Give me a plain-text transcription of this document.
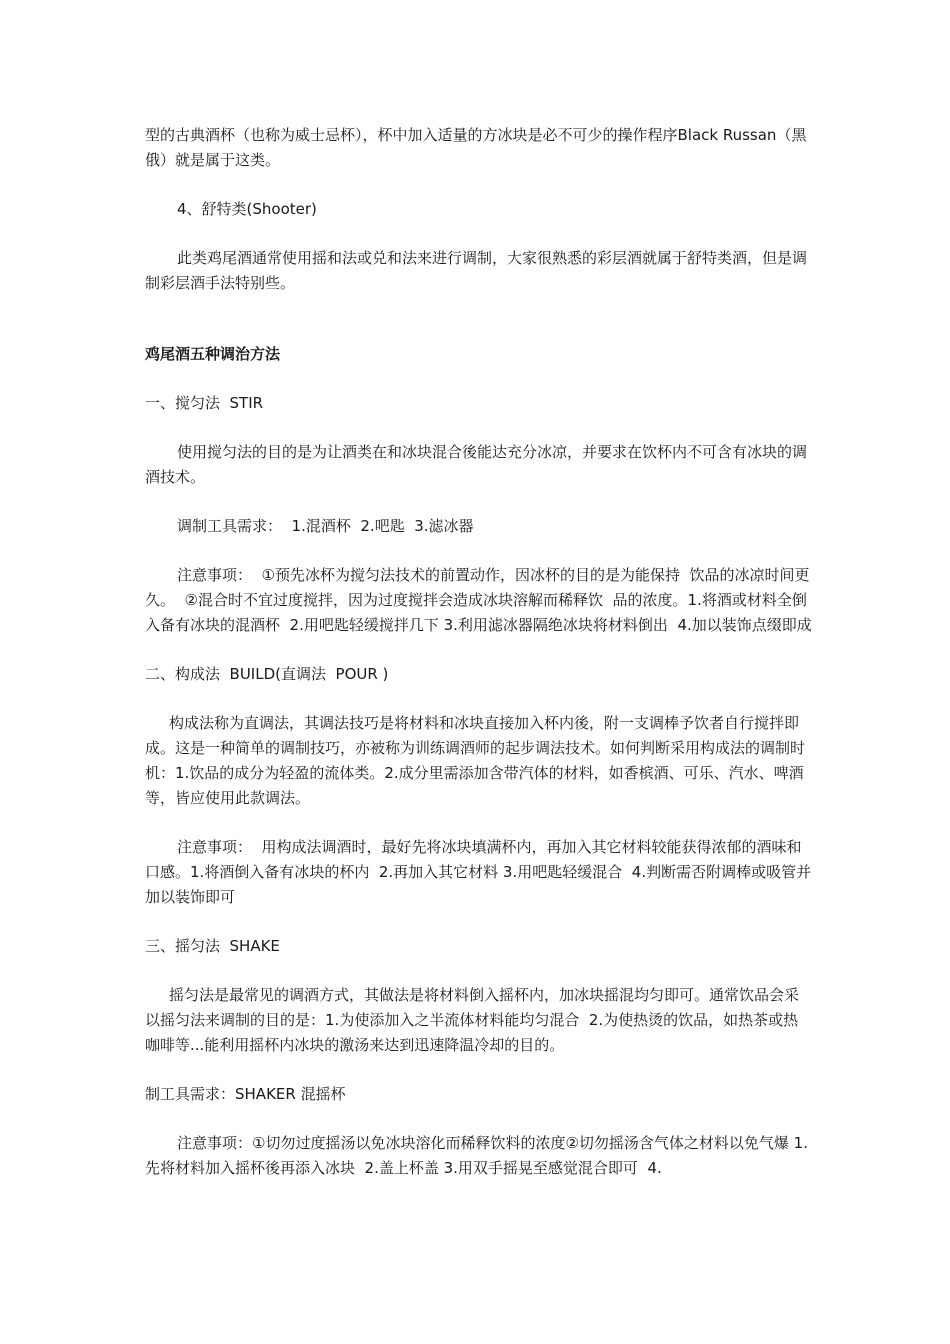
型的古典酒杯（也称为威士忌杯），杯中加入适量的方冰块是必不可少的操作程序Black Russan（黑俄）就是属于这类。

4、舒特类(Shooter)

此类鸡尾酒通常使用摇和法或兑和法来进行调制，大家很熟悉的彩层酒就属于舒特类酒，但是调制彩层酒手法特别些。

鸡尾酒五种调治方法

一、搅匀法  STIR

使用搅匀法的目的是为让酒类在和冰块混合後能达充分冰凉，并要求在饮杯内不可含有冰块的调酒技术。

调制工具需求：  1.混酒杯  2.吧匙  3.滤冰器

注意事项：  ①预先冰杯为搅匀法技术的前置动作，因冰杯的目的是为能保持  饮品的冰凉时间更久。  ②混合时不宜过度搅拌，因为过度搅拌会造成冰块溶解而稀释饮  品的浓度。1.将酒或材料全倒入备有冰块的混酒杯  2.用吧匙轻缓搅拌几下 3.利用滤冰器隔绝冰块将材料倒出  4.加以装饰点缀即成

二、构成法  BUILD(直调法  POUR )

构成法称为直调法，其调法技巧是将材料和冰块直接加入杯内後，附一支调棒予饮者自行搅拌即成。这是一种简单的调制技巧，亦被称为训练调酒师的起步调法技术。如何判断采用构成法的调制时机：1.饮品的成分为轻盈的流体类。2.成分里需添加含带汽体的材料，如香槟酒、可乐、汽水、啤酒等，皆应使用此款调法。

注意事项：  用构成法调酒时，最好先将冰块填满杯内，再加入其它材料较能获得浓郁的酒味和口感。1.将酒倒入备有冰块的杯内  2.再加入其它材料 3.用吧匙轻缓混合  4.判断需否附调棒或吸管并加以装饰即可

三、摇匀法  SHAKE

摇匀法是最常见的调酒方式，其做法是将材料倒入摇杯内，加冰块摇混均匀即可。通常饮品会采以摇匀法来调制的目的是：1.为使添加入之半流体材料能均匀混合  2.为使热烫的饮品，如热茶或热咖啡等...能利用摇杯内冰块的激汤来达到迅速降温冷却的目的。

制工具需求：SHAKER 混摇杯

注意事项：①切勿过度摇汤以免冰块溶化而稀释饮料的浓度②切勿摇汤含气体之材料以免气爆 1.先将材料加入摇杯後再添入冰块  2.盖上杯盖 3.用双手摇晃至感觉混合即可  4.
